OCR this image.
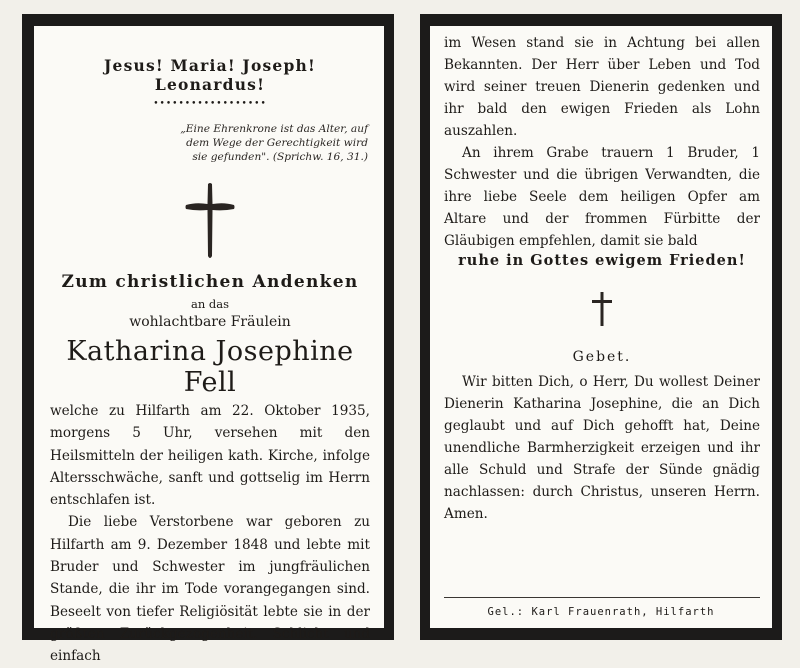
Jesus! Maria! Joseph! Leonardus!
••••••••••••••••••
„Eine Ehrenkrone ist das Alter, auf
dem Wege der Gerechtigkeit wird
sie gefunden". (Sprichw. 16, 31.)
Zum christlichen Andenken
an das
wohlachtbare Fräulein
Katharina Josephine Fell

welche zu Hilfarth am 22. Oktober 1935, morgens 5 Uhr, versehen mit den Heilsmitteln der heiligen kath. Kirche, infolge Altersschwäche, sanft und gottselig im Herrn entschlafen ist.

Die liebe Verstorbene war geboren zu Hilfarth am 9. Dezember 1848 und lebte mit Bruder und Schwester im jungfräulichen Stande, die ihr im Tode vorangegangen sind. Beseelt von tiefer Religiösität lebte sie in der größten Zurückgezogenheit. Schlicht und einfach

im Wesen stand sie in Achtung bei allen Bekannten. Der Herr über Leben und Tod wird seiner treuen Dienerin gedenken und ihr bald den ewigen Frieden als Lohn auszahlen.

An ihrem Grabe trauern 1 Bruder, 1 Schwester und die übrigen Verwandten, die ihre liebe Seele dem heiligen Opfer am Altare und der frommen Fürbitte der Gläubigen empfehlen, damit sie bald

ruhe in Gottes ewigem Frieden!
Gebet.

Wir bitten Dich, o Herr, Du wollest Deiner Dienerin Katharina Josephine, die an Dich geglaubt und auf Dich gehofft hat, Deine unendliche Barmherzigkeit erzeigen und ihr alle Schuld und Strafe der Sünde gnädig nachlassen: durch Christus, unseren Herrn. Amen.

Gel.: Karl Frauenrath, Hilfarth
